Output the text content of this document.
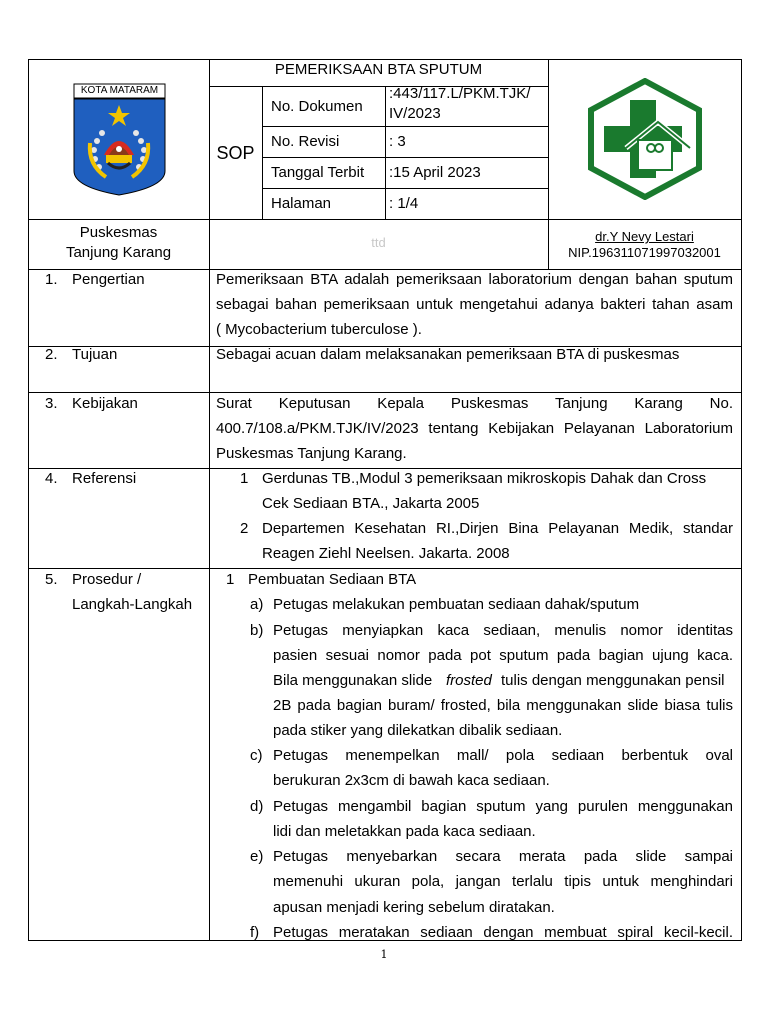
KOTA MATARAM
PEMERIKSAAN BTA SPUTUM
SOP
No. Dokumen
:443/117.L/PKM.TJK/
IV/2023
No. Revisi	: 3
Tanggal Terbit :15 April 2023
Halaman	: 1/4
Puskesmas
Tanjung Karang
ttd	dr.Y Nevy Lestari
NIP.196311071997032001
1. Pengertian	Pemeriksaan BTA adalah pemeriksaan laboratorium dengan bahan sputum
sebagai bahan pemeriksaan untuk mengetahui adanya bakteri tahan asam
( Mycobacterium tuberculose ).
2. Tujuan	Sebagai acuan dalam melaksanakan pemeriksaan BTA di puskesmas
3. Kebijakan	Surat Keputusan Kepala Puskesmas Tanjung Karang No.
400.7/108.a/PKM.TJK/IV/2023 tentang Kebijakan Pelayanan Laboratorium
Puskesmas Tanjung Karang.
4. Referensi	1 Gerdunas TB.,Modul 3 pemeriksaan mikroskopis Dahak dan Cross
Cek Sediaan BTA., Jakarta 2005
2 Departemen Kesehatan RI.,Dirjen Bina Pelayanan Medik, standar
Reagen Ziehl Neelsen. Jakarta. 2008
5. Prosedur /
Langkah-Langkah
1 Pembuatan Sediaan BTA
a) Petugas melakukan pembuatan sediaan dahak/sputum
b) Petugas menyiapkan kaca sediaan, menulis nomor identitas
pasien sesuai nomor pada pot sputum pada bagian ujung kaca.
Bila menggunakan slide frosted tulis dengan menggunakan pensil
2B pada bagian buram/ frosted, bila menggunakan slide biasa tulis
pada stiker yang dilekatkan dibalik sediaan.
c) Petugas menempelkan mall/ pola sediaan berbentuk oval
berukuran 2x3cm di bawah kaca sediaan.
d) Petugas mengambil bagian sputum yang purulen menggunakan
lidi dan meletakkan pada kaca sediaan.
e) Petugas menyebarkan secara merata pada slide sampai
memenuhi ukuran pola, jangan terlalu tipis untuk menghindari
apusan menjadi kering sebelum diratakan.
f) Petugas meratakan sediaan dengan membuat spiral kecil-kecil.
1
